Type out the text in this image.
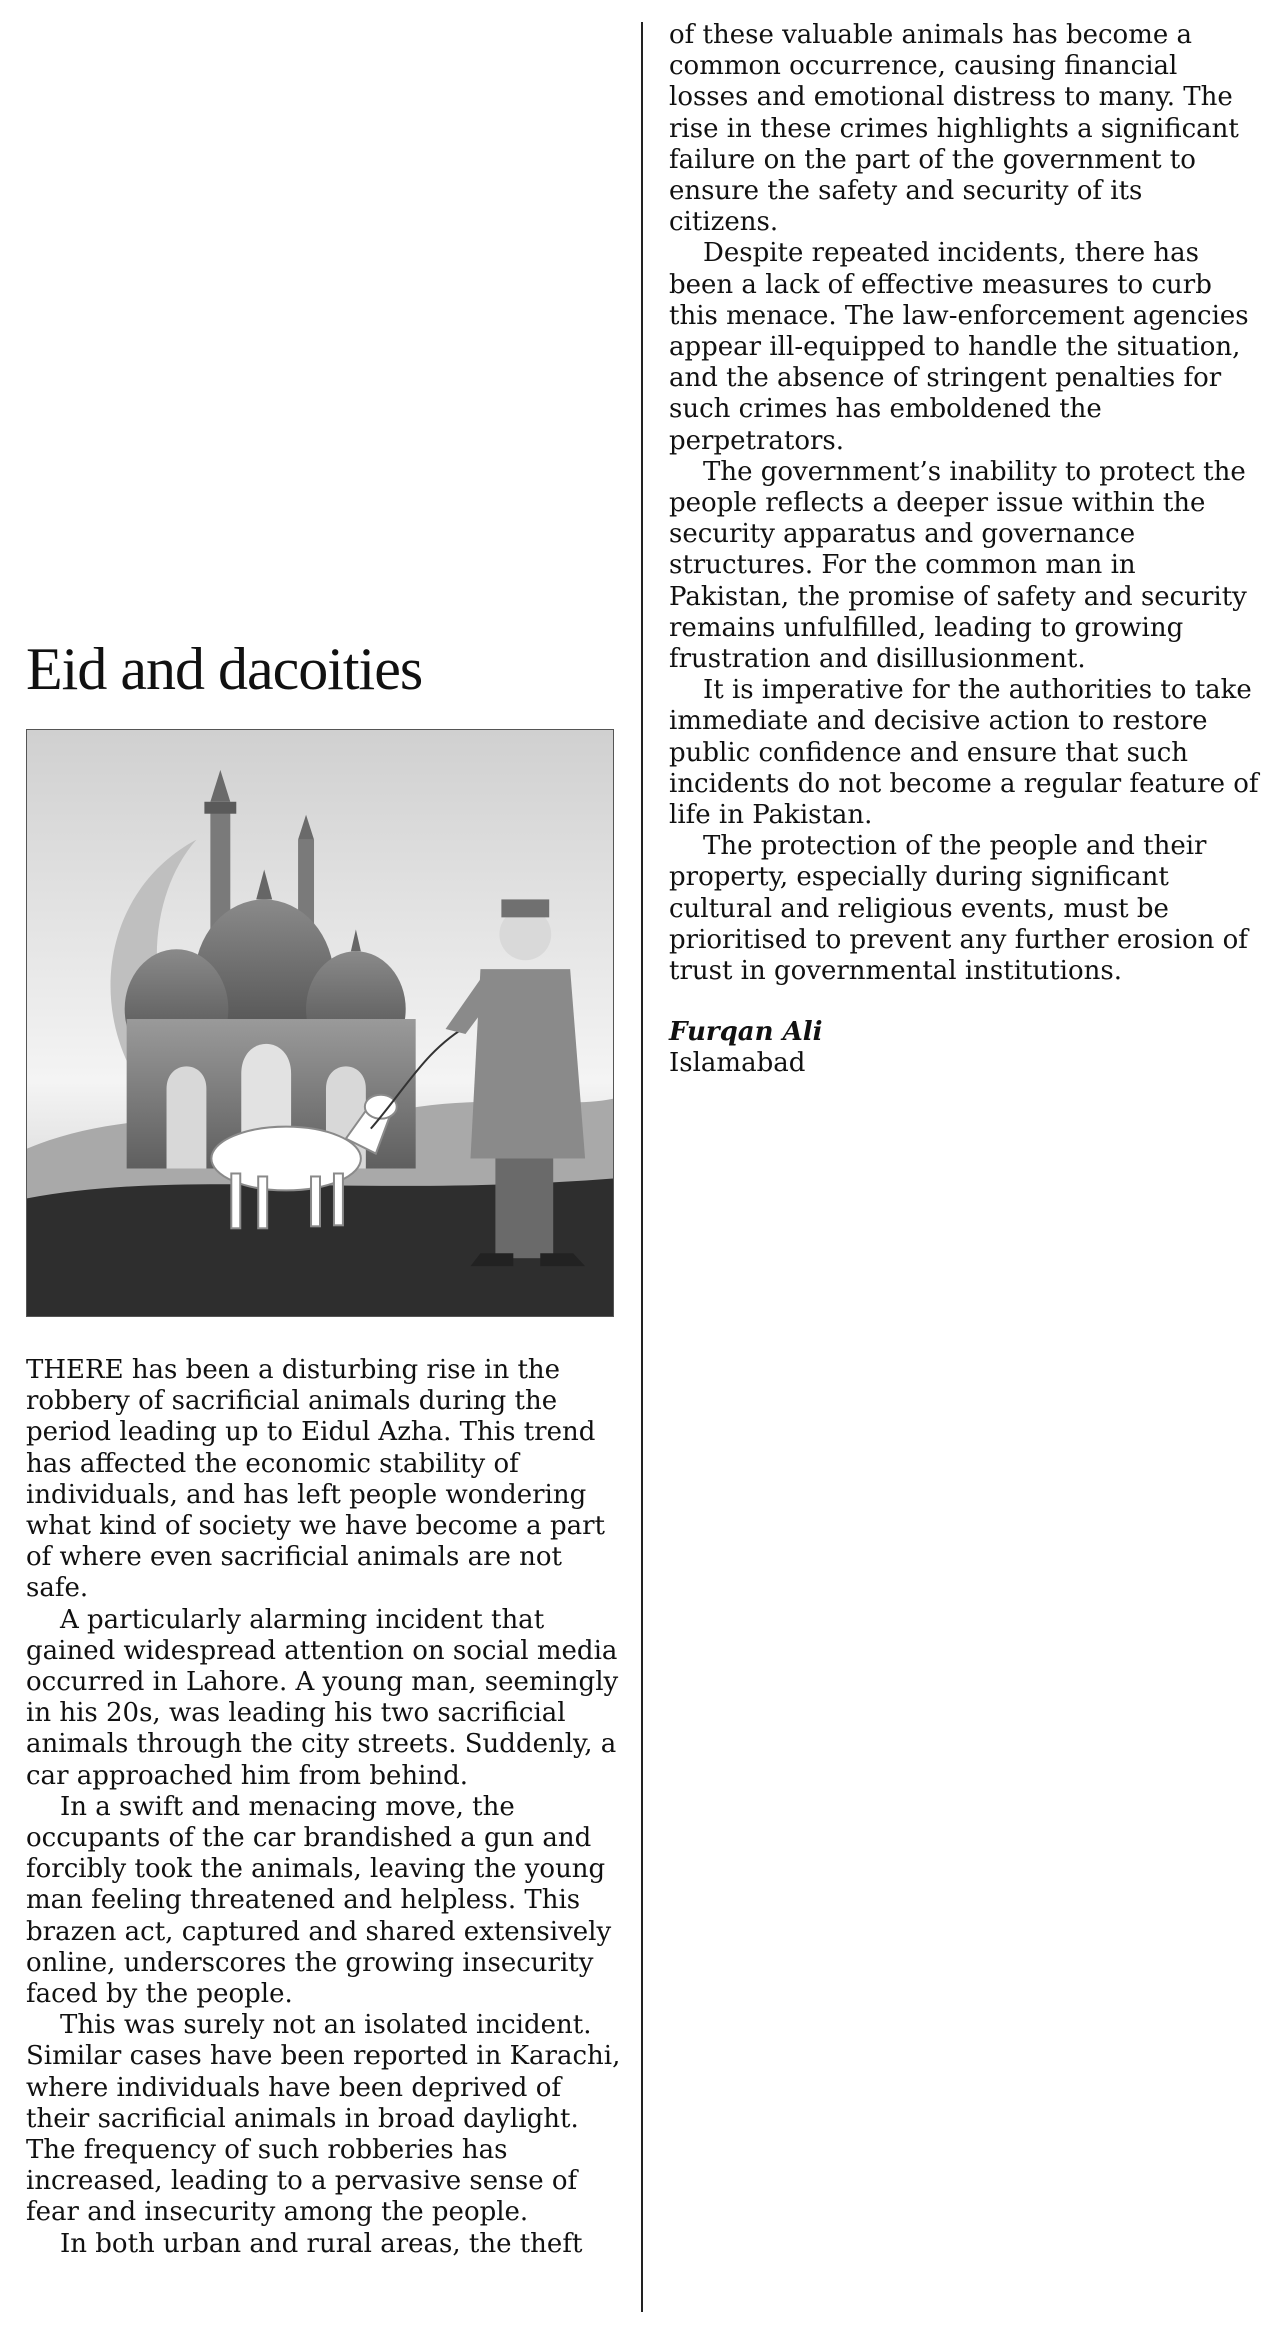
Eid and dacoities

THERE has been a disturbing rise in the robbery of sacrificial animals during the period leading up to Eidul Azha. This trend has affected the economic stability of individuals, and has left people wondering what kind of society we have become a part of where even sacrificial animals are not safe.

A particularly alarming incident that gained widespread attention on social media occurred in Lahore. A young man, seemingly in his 20s, was leading his two sacrificial animals through the city streets. Suddenly, a car approached him from behind.

In a swift and menacing move, the occupants of the car brandished a gun and forcibly took the animals, leaving the young man feeling threatened and helpless. This brazen act, captured and shared extensively online, underscores the growing insecurity faced by the people.

This was surely not an isolated incident. Similar cases have been reported in Karachi, where individuals have been deprived of their sacrificial animals in broad daylight. The frequency of such robberies has increased, leading to a pervasive sense of fear and insecurity among the people.

In both urban and rural areas, the theft

of these valuable animals has become a common occurrence, causing financial losses and emotional distress to many. The rise in these crimes highlights a significant failure on the part of the government to ensure the safety and security of its citizens.

Despite repeated incidents, there has been a lack of effective measures to curb this menace. The law-enforcement agencies appear ill-equipped to handle the situation, and the absence of stringent penalties for such crimes has emboldened the perpetrators.

The government’s inability to protect the people reflects a deeper issue within the security apparatus and governance structures. For the common man in Pakistan, the promise of safety and security remains unfulfilled, leading to growing frustration and disillusionment.

It is imperative for the authorities to take immediate and decisive action to restore public confidence and ensure that such incidents do not become a regular feature of life in Pakistan.

The protection of the people and their property, especially during significant cultural and religious events, must be prioritised to prevent any further erosion of trust in governmental institutions.

Furqan Ali
Islamabad
